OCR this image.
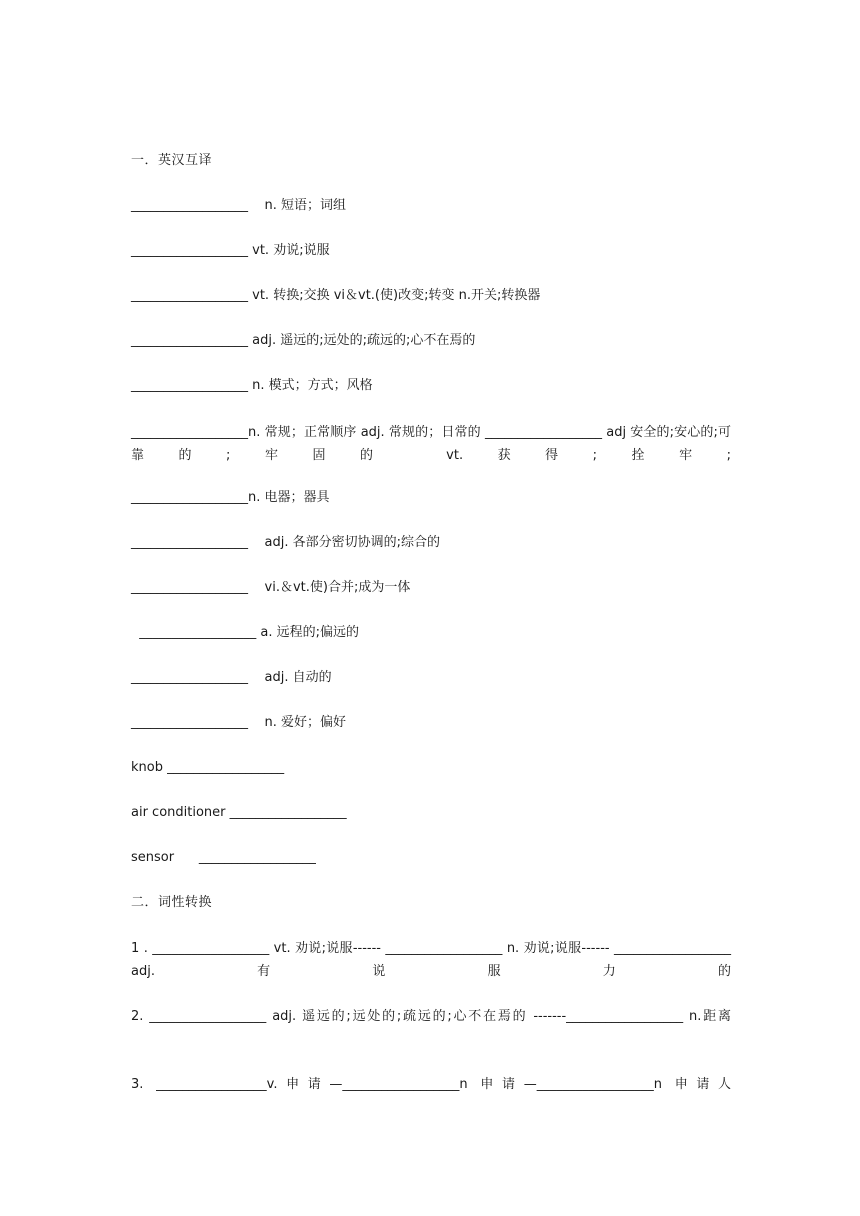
一．英汉互译
__________________    n. 短语；词组
__________________ vt. 劝说;说服
__________________ vt. 转换;交换 vi＆vt.(使)改变;转变 n.开关;转换器
__________________ adj. 遥远的;远处的;疏远的;心不在焉的
__________________ n. 模式；方式；风格
__________________n. 常规；正常顺序 adj. 常规的；日常的 __________________ adj 安全的;安心的;可靠的;牢固的 vt.获得;拴牢;
__________________n. 电器；器具
__________________    adj. 各部分密切协调的;综合的
__________________    vi.＆vt.使)合并;成为一体
__________________ a. 远程的;偏远的
__________________    adj. 自动的
__________________    n. 爱好；偏好
knob __________________
air conditioner __________________
sensor      __________________
二．词性转换
1 . __________________ vt. 劝说;说服------ __________________ n. 劝说;说服------ __________________ adj.有说服力的
2. __________________ adj. 遥远的;远处的;疏远的;心不在焉的 -------__________________ n.距离
3. _________________v.申请—__________________n 申请—__________________n 申请人
